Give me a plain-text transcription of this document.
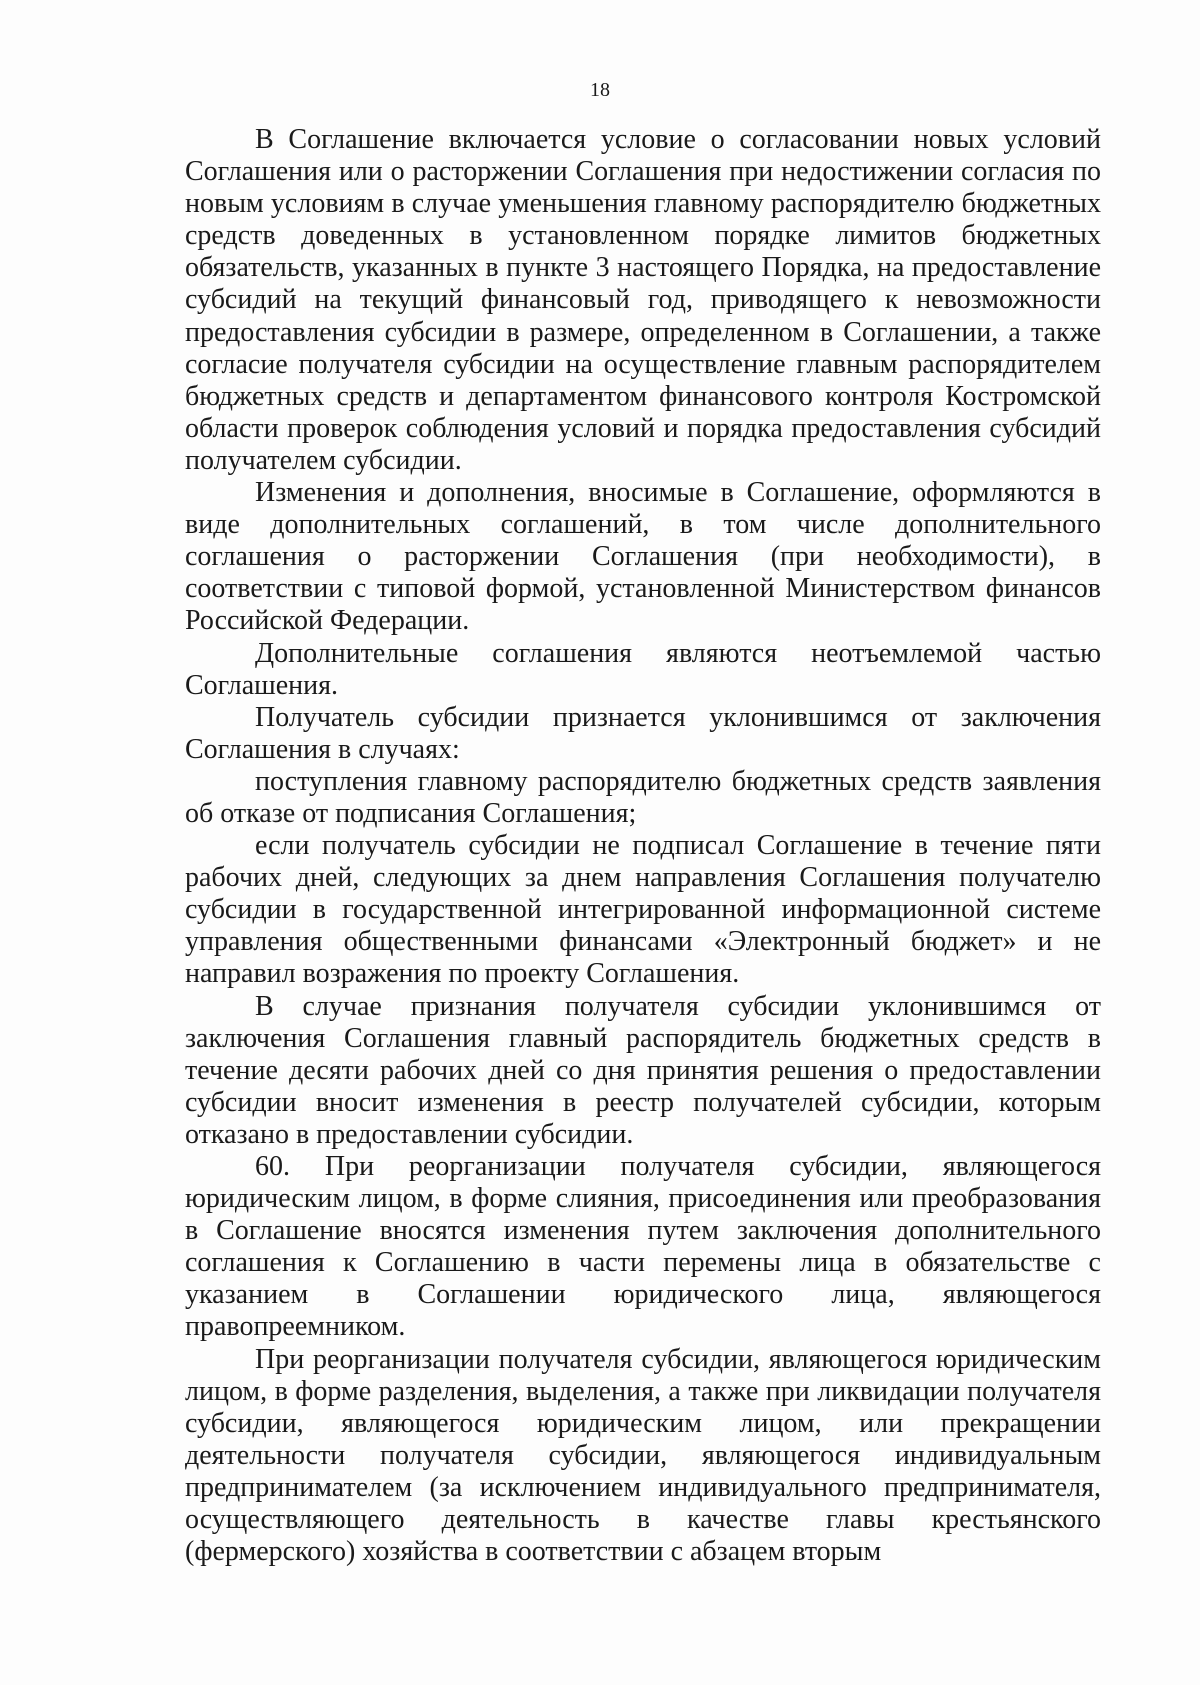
18

В Соглашение включается условие о согласовании новых условий Соглашения или о расторжении Соглашения при недостижении согласия по новым условиям в случае уменьшения главному распорядителю бюджетных средств доведенных в установленном порядке лимитов бюджетных обязательств, указанных в пункте 3 настоящего Порядка, на предоставление субсидий на текущий финансовый год, приводящего к невозможности предоставления субсидии в размере, определенном в Соглашении, а также согласие получателя субсидии на осуществление главным распорядителем бюджетных средств и департаментом финансового контроля Костромской области проверок соблюдения условий и порядка предоставления субсидий получателем субсидии.

Изменения и дополнения, вносимые в Соглашение, оформляются в виде дополнительных соглашений, в том числе дополнительного соглашения о расторжении Соглашения (при необходимости), в соответствии с типовой формой, установленной Министерством финансов Российской Федерации.

Дополнительные соглашения являются неотъемлемой частью Соглашения.

Получатель субсидии признается уклонившимся от заключения Соглашения в случаях:

поступления главному распорядителю бюджетных средств заявления об отказе от подписания Соглашения;

если получатель субсидии не подписал Соглашение в течение пяти рабочих дней, следующих за днем направления Соглашения получателю субсидии в государственной интегрированной информационной системе управления общественными финансами «Электронный бюджет» и не направил возражения по проекту Соглашения.

В случае признания получателя субсидии уклонившимся от заключения Соглашения главный распорядитель бюджетных средств в течение десяти рабочих дней со дня принятия решения о предоставлении субсидии вносит изменения в реестр получателей субсидии, которым отказано в предоставлении субсидии.

60. При реорганизации получателя субсидии, являющегося юридическим лицом, в форме слияния, присоединения или преобразования в Соглашение вносятся изменения путем заключения дополнительного соглашения к Соглашению в части перемены лица в обязательстве с указанием в Соглашении юридического лица, являющегося правопреемником.

При реорганизации получателя субсидии, являющегося юридическим лицом, в форме разделения, выделения, а также при ликвидации получателя субсидии, являющегося юридическим лицом, или прекращении деятельности получателя субсидии, являющегося индивидуальным предпринимателем (за исключением индивидуального предпринимателя, осуществляющего деятельность в качестве главы крестьянского (фермерского) хозяйства в соответствии с абзацем вторым
